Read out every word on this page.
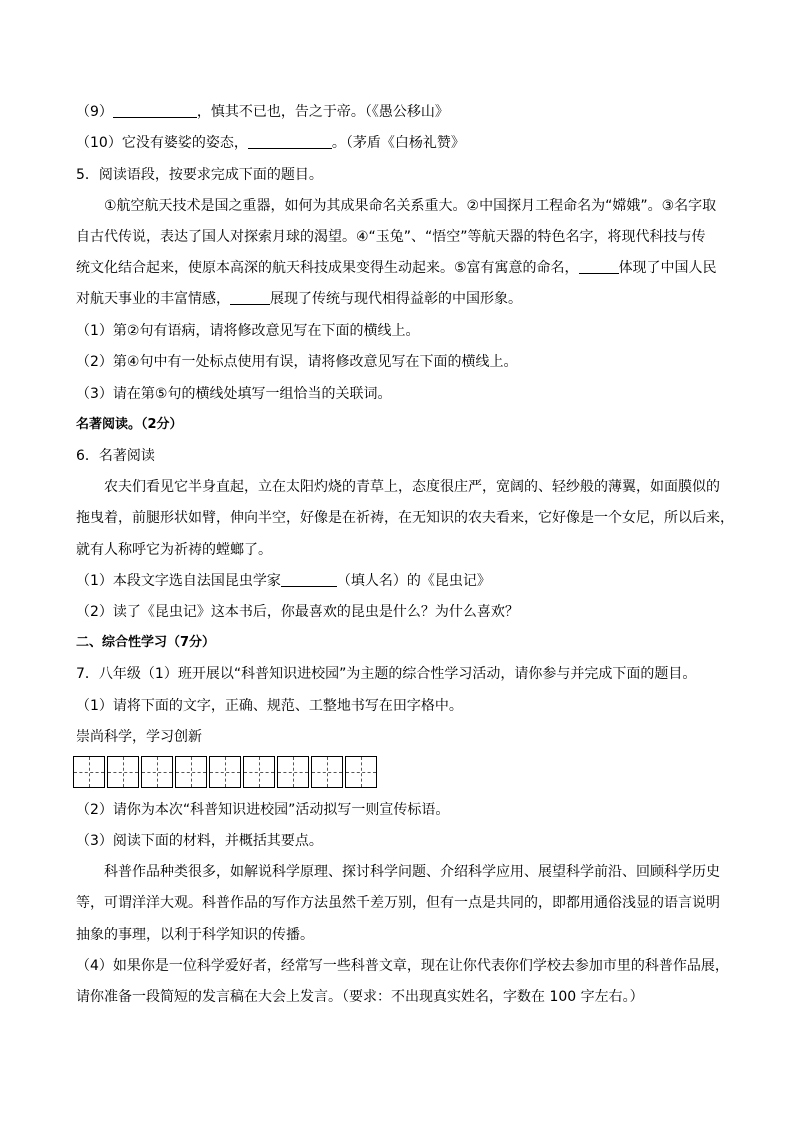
（9）	，慎其不已也，告之于帝。（《愚公移山》
（10）它没有婆娑的姿态，	。（茅盾《白杨礼赞》
5．阅读语段，按要求完成下面的题目。
①航空航天技术是国之重器，如何为其成果命名关系重大。②中国探月工程命名为“嫦娥”。③名字取
自古代传说，表达了国人对探索月球的渴望。④“玉兔”、“悟空”等航天器的特色名字，将现代科技与传
统文化结合起来，使原本高深的航天科技成果变得生动起来。⑤富有寓意的命名，	体现了中国人民
对航天事业的丰富情感，	展现了传统与现代相得益彰的中国形象。
（1）第②句有语病，请将修改意见写在下面的横线上。
（2）第④句中有一处标点使用有误，请将修改意见写在下面的横线上。
（3）请在第⑤句的横线处填写一组恰当的关联词。
名著阅读。（2分）
6．名著阅读
农夫们看见它半身直起，立在太阳灼烧的青草上，态度很庄严，宽阔的、轻纱般的薄翼，如面膜似的
拖曳着，前腿形状如臂，伸向半空，好像是在祈祷，在无知识的农夫看来，它好像是一个女尼，所以后来，
就有人称呼它为祈祷的螳螂了。
（1）本段文字选自法国昆虫学家	（填人名）的《昆虫记》
（2）读了《昆虫记》这本书后，你最喜欢的昆虫是什么？为什么喜欢？
二、综合性学习（7分）
7．八年级（1）班开展以“科普知识进校园”为主题的综合性学习活动，请你参与并完成下面的题目。
（1）请将下面的文字，正确、规范、工整地书写在田字格中。
崇尚科学，学习创新
（2）请你为本次“科普知识进校园”活动拟写一则宣传标语。
（3）阅读下面的材料，并概括其要点。
科普作品种类很多，如解说科学原理、探讨科学问题、介绍科学应用、展望科学前沿、回顾科学历史
等，可谓洋洋大观。科普作品的写作方法虽然千差万别，但有一点是共同的，即都用通俗浅显的语言说明
抽象的事理，以利于科学知识的传播。
（4）如果你是一位科学爱好者，经常写一些科普文章，现在让你代表你们学校去参加市里的科普作品展，
请你准备一段简短的发言稿在大会上发言。（要求：不出现真实姓名，字数在 100 字左右。）
